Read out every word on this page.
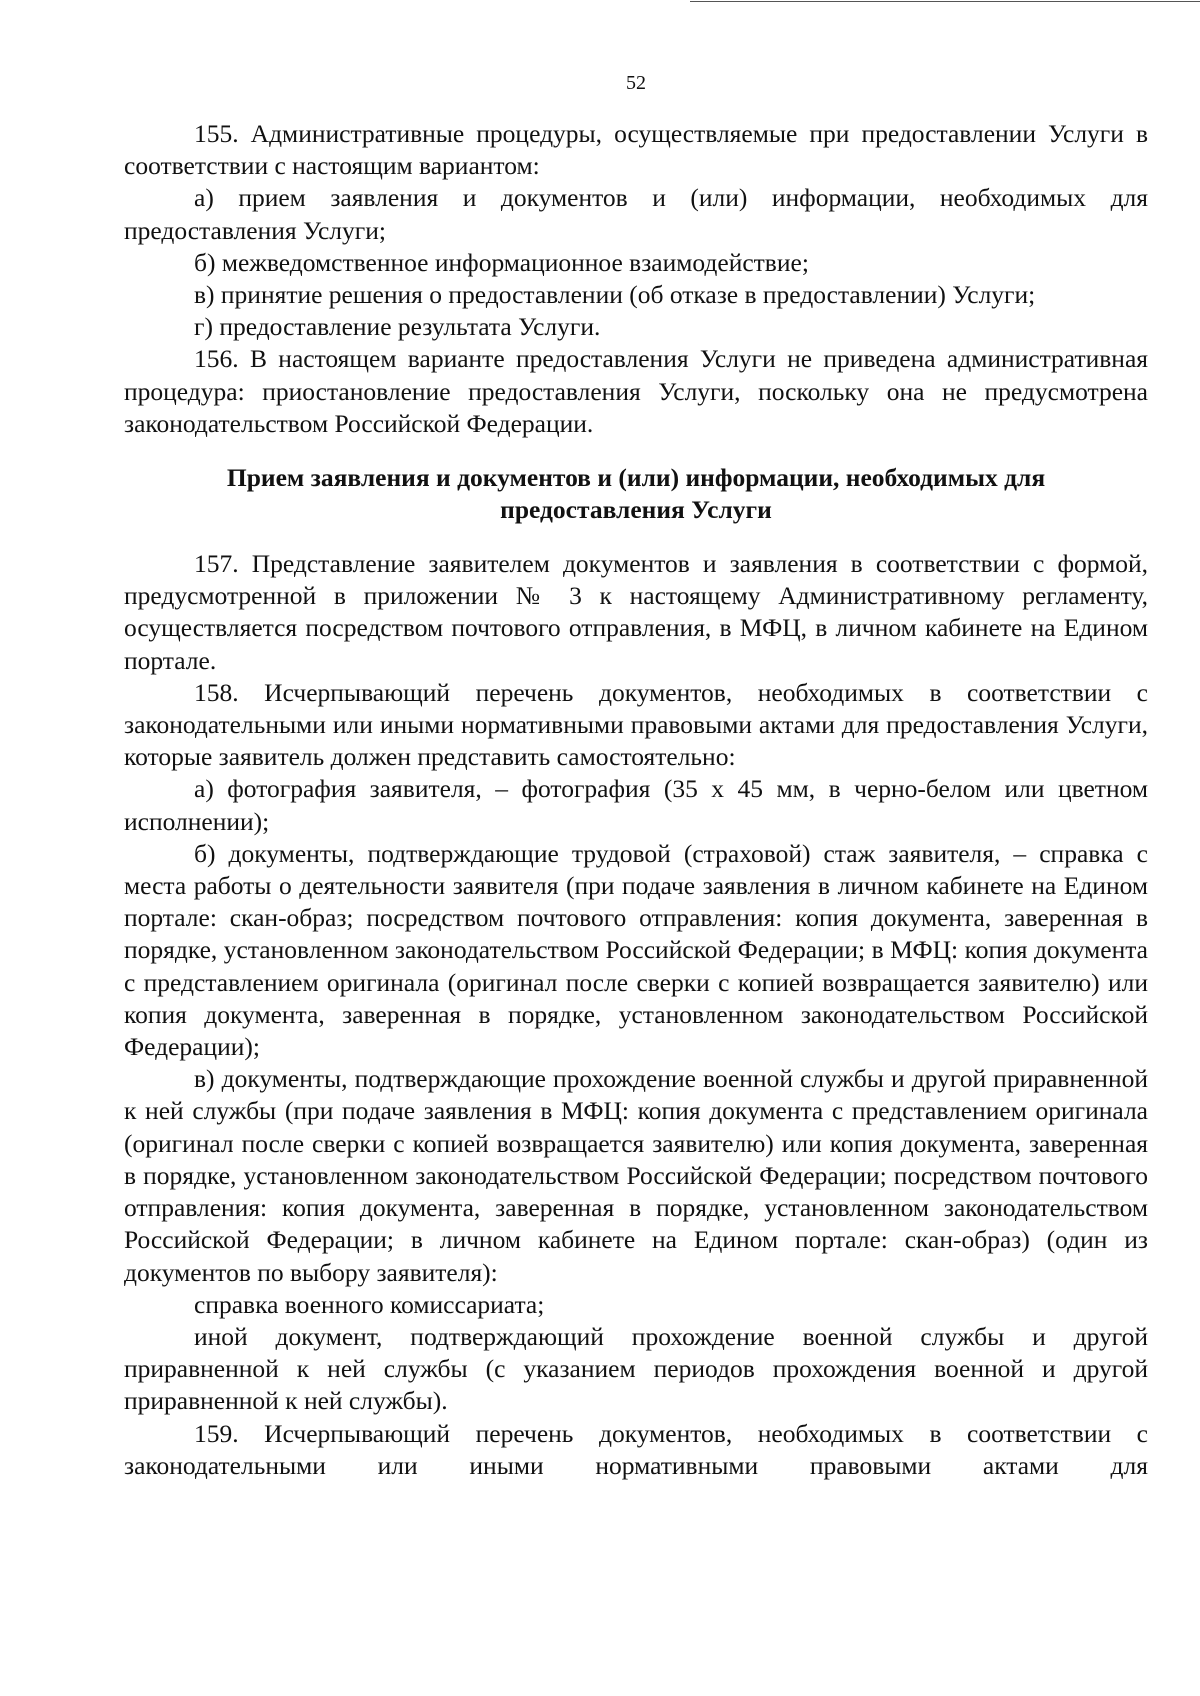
52

155. Административные процедуры, осуществляемые при предоставлении Услуги в соответствии с настоящим вариантом:

а) прием заявления и документов и (или) информации, необходимых для предоставления Услуги;

б) межведомственное информационное взаимодействие;

в) принятие решения о предоставлении (об отказе в предоставлении) Услуги;

г) предоставление результата Услуги.

156. В настоящем варианте предоставления Услуги не приведена административная процедура: приостановление предоставления Услуги, поскольку она не предусмотрена законодательством Российской Федерации.

Прием заявления и документов и (или) информации, необходимых для предоставления Услуги

157. Представление заявителем документов и заявления в соответствии с формой, предусмотренной в приложении № 3 к настоящему Административному регламенту, осуществляется посредством почтового отправления, в МФЦ, в личном кабинете на Едином портале.

158. Исчерпывающий перечень документов, необходимых в соответствии с законодательными или иными нормативными правовыми актами для предоставления Услуги, которые заявитель должен представить самостоятельно:

а) фотография заявителя, – фотография (35 x 45 мм, в черно-белом или цветном исполнении);

б) документы, подтверждающие трудовой (страховой) стаж заявителя, – справка с места работы о деятельности заявителя (при подаче заявления в личном кабинете на Едином портале: скан-образ; посредством почтового отправления: копия документа, заверенная в порядке, установленном законодательством Российской Федерации; в МФЦ: копия документа с представлением оригинала (оригинал после сверки с копией возвращается заявителю) или копия документа, заверенная в порядке, установленном законодательством Российской Федерации);

в) документы, подтверждающие прохождение военной службы и другой приравненной к ней службы (при подаче заявления в МФЦ: копия документа с представлением оригинала (оригинал после сверки с копией возвращается заявителю) или копия документа, заверенная в порядке, установленном законодательством Российской Федерации; посредством почтового отправления: копия документа, заверенная в порядке, установленном законодательством Российской Федерации; в личном кабинете на Едином портале: скан-образ) (один из документов по выбору заявителя):

справка военного комиссариата;

иной документ, подтверждающий прохождение военной службы и другой приравненной к ней службы (с указанием периодов прохождения военной и другой приравненной к ней службы).

159. Исчерпывающий перечень документов, необходимых в соответствии с законодательными или иными нормативными правовыми актами для
